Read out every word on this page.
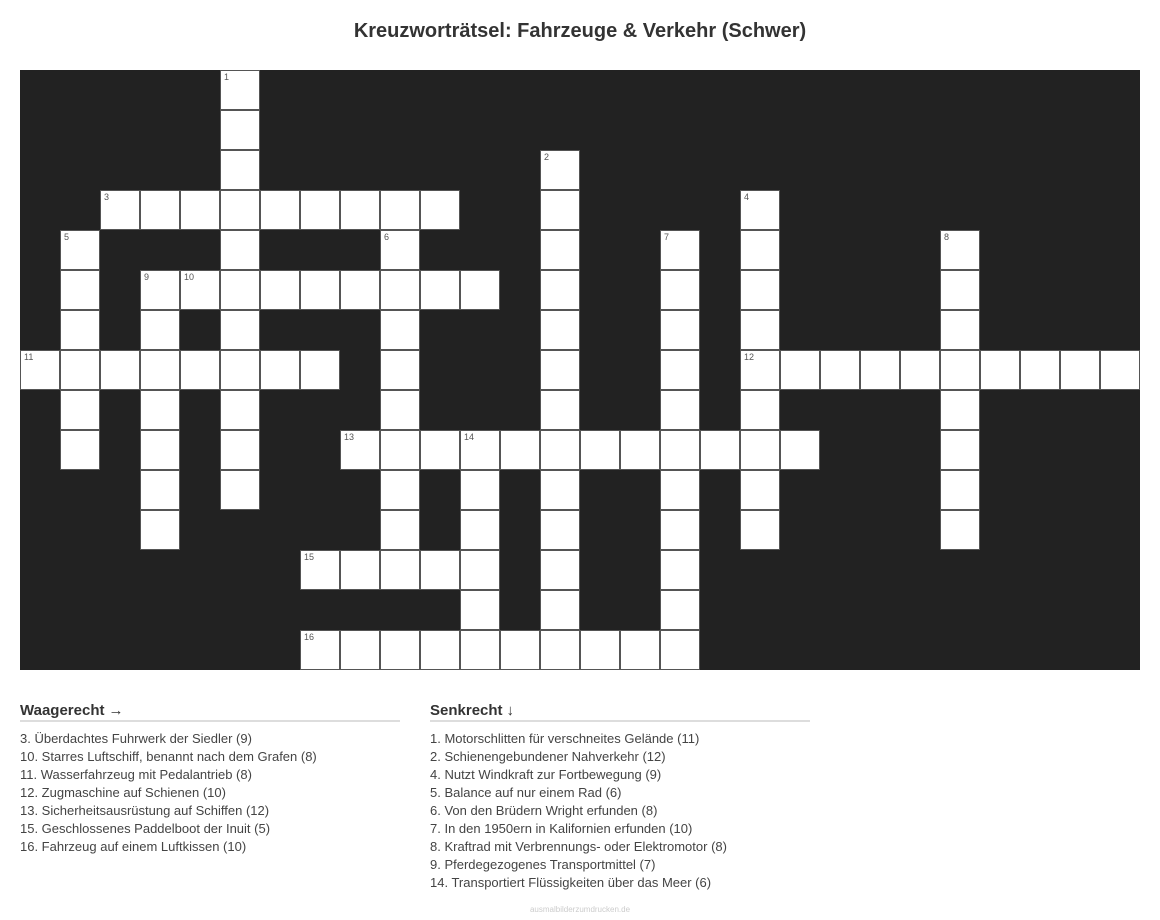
Kreuzworträtsel: Fahrzeuge & Verkehr (Schwer)
1
2
3	4
12
5	6	7	8
9	10
11
13	14
15
16
Waagerecht →
3. Überdachtes Fuhrwerk der Siedler (9)
10. Starres Luftschiff, benannt nach dem Grafen (8)
11. Wasserfahrzeug mit Pedalantrieb (8)
12. Zugmaschine auf Schienen (10)
13. Sicherheitsausrüstung auf Schiffen (12)
15. Geschlossenes Paddelboot der Inuit (5)
16. Fahrzeug auf einem Luftkissen (10)
Senkrecht ↓
1. Motorschlitten für verschneites Gelände (11)
2. Schienengebundener Nahverkehr (12)
4. Nutzt Windkraft zur Fortbewegung (9)
5. Balance auf nur einem Rad (6)
6. Von den Brüdern Wright erfunden (8)
7. In den 1950ern in Kalifornien erfunden (10)
8. Kraftrad mit Verbrennungs- oder Elektromotor (8)
9. Pferdegezogenes Transportmittel (7)
14. Transportiert Flüssigkeiten über das Meer (6)
ausmalbilderzumdrucken.de
